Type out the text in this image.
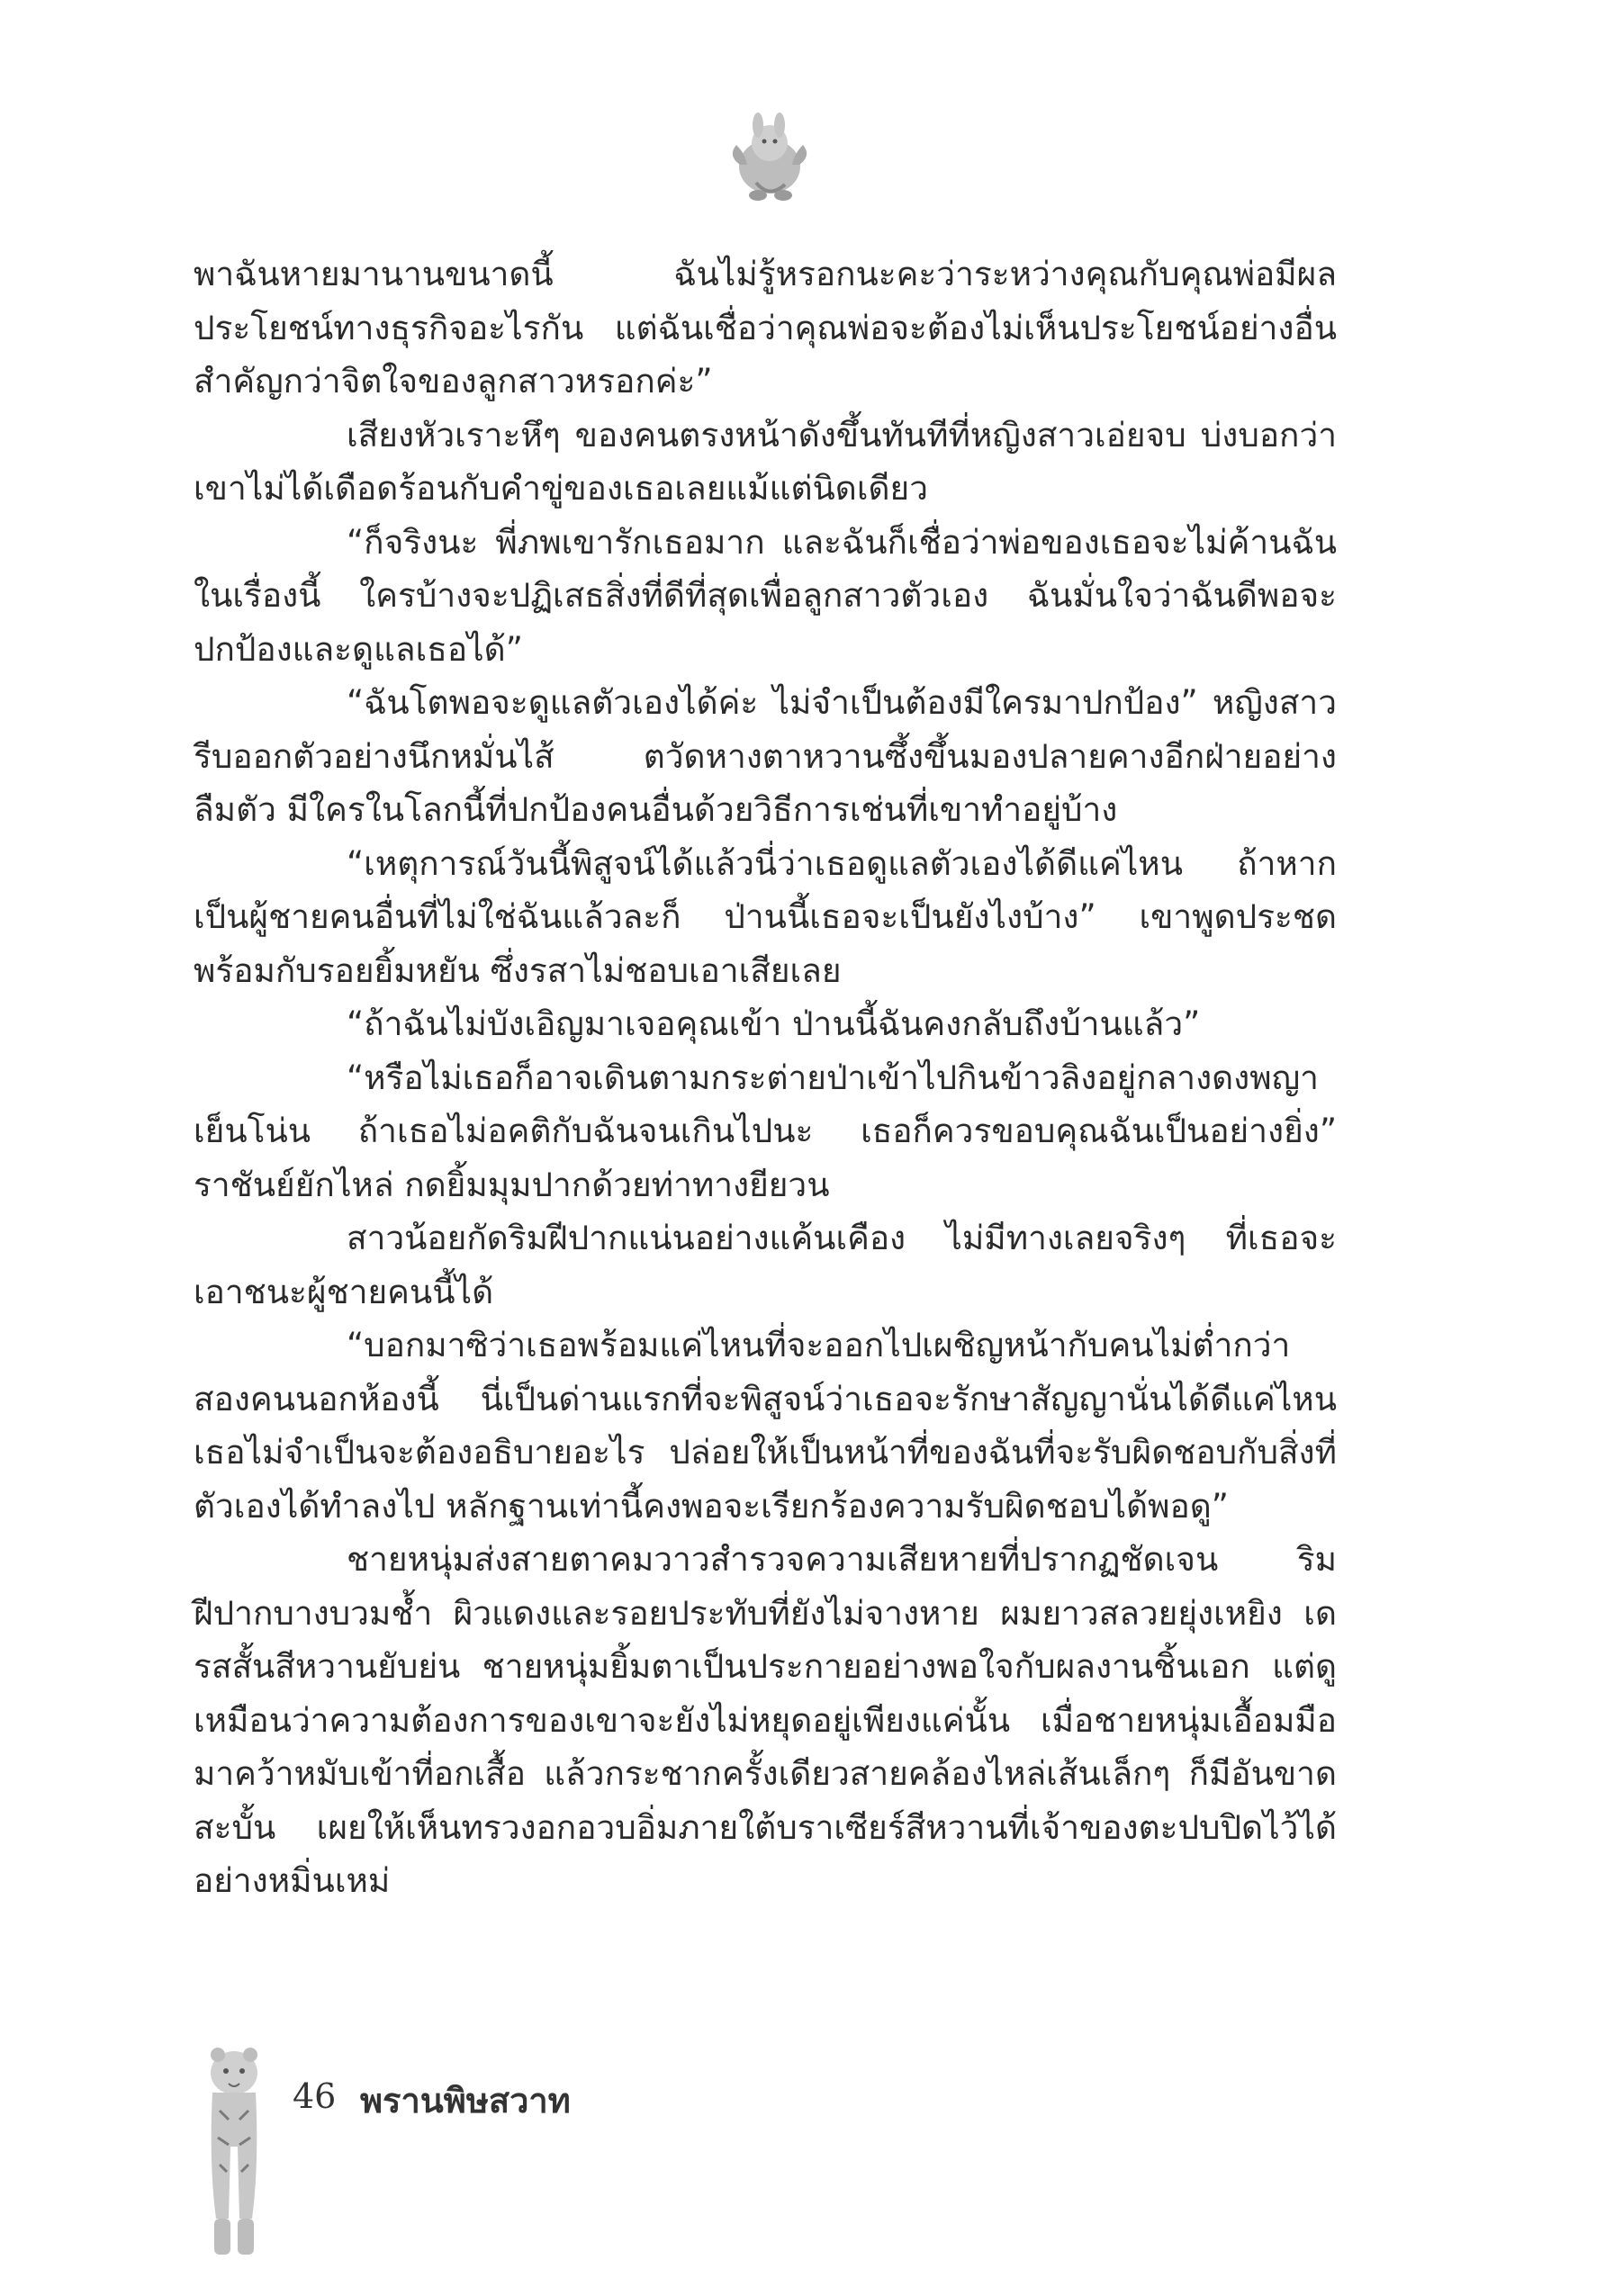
พาฉันหายมานานขนาดนี้ ฉันไม่รู้หรอกนะคะว่าระหว่างคุณกับคุณพ่อมีผลประโยชน์ทางธุรกิจอะไรกัน แต่ฉันเชื่อว่าคุณพ่อจะต้องไม่เห็นประโยชน์อย่างอื่นสำคัญกว่าจิตใจของลูกสาวหรอกค่ะ”

เสียงหัวเราะหึๆ ของคนตรงหน้าดังขึ้นทันทีที่หญิงสาวเอ่ยจบ บ่งบอกว่าเขาไม่ได้เดือดร้อนกับคำขู่ของเธอเลยแม้แต่นิดเดียว

“ก็จริงนะ พี่ภพเขารักเธอมาก และฉันก็เชื่อว่าพ่อของเธอจะไม่ค้านฉันในเรื่องนี้ ใครบ้างจะปฏิเสธสิ่งที่ดีที่สุดเพื่อลูกสาวตัวเอง ฉันมั่นใจว่าฉันดีพอจะปกป้องและดูแลเธอได้”

“ฉันโตพอจะดูแลตัวเองได้ค่ะ ไม่จำเป็นต้องมีใครมาปกป้อง” หญิงสาวรีบออกตัวอย่างนึกหมั่นไส้ ตวัดหางตาหวานซึ้งขึ้นมองปลายคางอีกฝ่ายอย่างลืมตัว มีใครในโลกนี้ที่ปกป้องคนอื่นด้วยวิธีการเช่นที่เขาทำอยู่บ้าง

“เหตุการณ์วันนี้พิสูจน์ได้แล้วนี่ว่าเธอดูแลตัวเองได้ดีแค่ไหน ถ้าหากเป็นผู้ชายคนอื่นที่ไม่ใช่ฉันแล้วละก็ ป่านนี้เธอจะเป็นยังไงบ้าง” เขาพูดประชดพร้อมกับรอยยิ้มหยัน ซึ่งรสาไม่ชอบเอาเสียเลย

“ถ้าฉันไม่บังเอิญมาเจอคุณเข้า ป่านนี้ฉันคงกลับถึงบ้านแล้ว”

“หรือไม่เธอก็อาจเดินตามกระต่ายป่าเข้าไปกินข้าวลิงอยู่กลางดงพญาเย็นโน่น ถ้าเธอไม่อคติกับฉันจนเกินไปนะ เธอก็ควรขอบคุณฉันเป็นอย่างยิ่ง” ราชันย์ยักไหล่ กดยิ้มมุมปากด้วยท่าทางยียวน

สาวน้อยกัดริมฝีปากแน่นอย่างแค้นเคือง ไม่มีทางเลยจริงๆ ที่เธอจะเอาชนะผู้ชายคนนี้ได้

“บอกมาซิว่าเธอพร้อมแค่ไหนที่จะออกไปเผชิญหน้ากับคนไม่ต่ำกว่าสองคนนอกห้องนี้ นี่เป็นด่านแรกที่จะพิสูจน์ว่าเธอจะรักษาสัญญานั่นได้ดีแค่ไหน เธอไม่จำเป็นจะต้องอธิบายอะไร ปล่อยให้เป็นหน้าที่ของฉันที่จะรับผิดชอบกับสิ่งที่ตัวเองได้ทำลงไป หลักฐานเท่านี้คงพอจะเรียกร้องความรับผิดชอบได้พอดู”

ชายหนุ่มส่งสายตาคมวาวสำรวจความเสียหายที่ปรากฏชัดเจน ริมฝีปากบางบวมช้ำ ผิวแดงและรอยประทับที่ยังไม่จางหาย ผมยาวสลวยยุ่งเหยิง เดรสสั้นสีหวานยับย่น ชายหนุ่มยิ้มตาเป็นประกายอย่างพอใจกับผลงานชิ้นเอก แต่ดูเหมือนว่าความต้องการของเขาจะยังไม่หยุดอยู่เพียงแค่นั้น เมื่อชายหนุ่มเอื้อมมือมาคว้าหมับเข้าที่อกเสื้อ แล้วกระชากครั้งเดียวสายคล้องไหล่เส้นเล็กๆ ก็มีอันขาดสะบั้น เผยให้เห็นทรวงอกอวบอิ่มภายใต้บราเซียร์สีหวานที่เจ้าของตะปบปิดไว้ได้อย่างหมิ่นเหม่

46 พรานพิษสวาท
